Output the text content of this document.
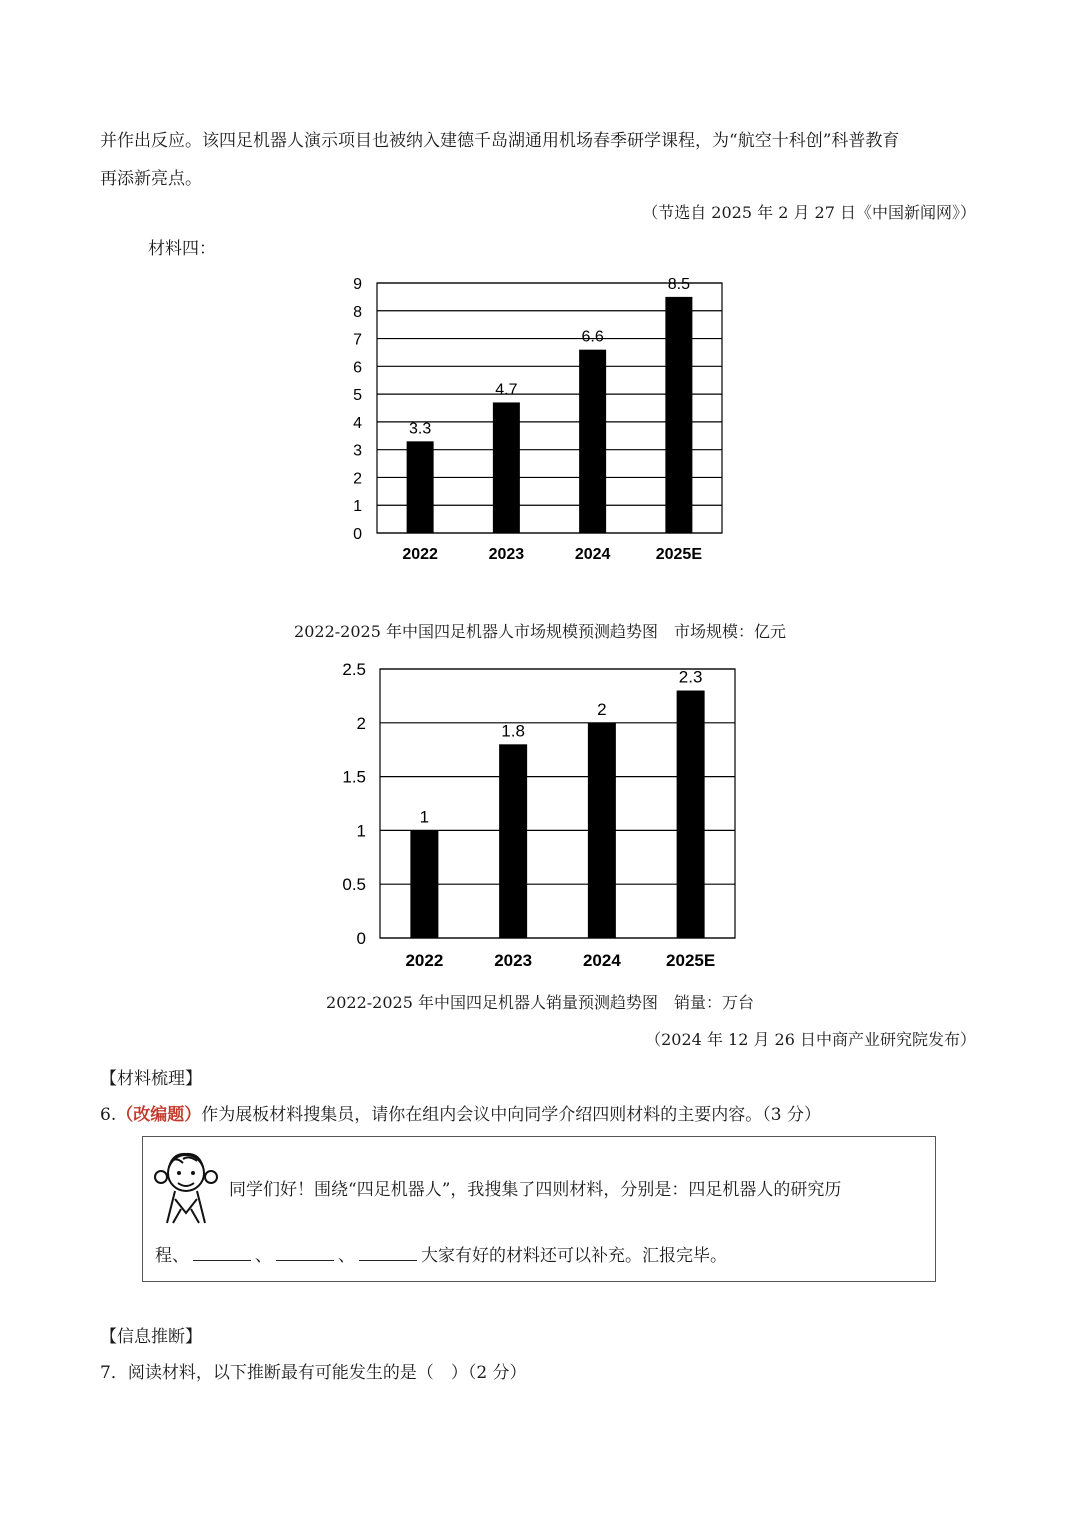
并作出反应。该四足机器人演示项目也被纳入建德千岛湖通用机场春季研学课程，为“航空十科创”科普教育
再添新亮点。
（节选自 2025 年 2 月 27 日《中国新闻网》）
材料四：
0
1
2
3
4
5
6
7
8
9
3.3
2022
4.7
2023
6.6
2024
8.5
2025E
0
0.5
1
1.5
2
2.5
1
2022
1.8
2023
2
2024
2.3
2025E
2022-2025 年中国四足机器人市场规模预测趋势图　市场规模：亿元
2022-2025 年中国四足机器人销量预测趋势图　销量：万台
（2024 年 12 月 26 日中商产业研究院发布）
【材料梳理】
6.（改编题）作为展板材料搜集员，请你在组内会议中向同学介绍四则材料的主要内容。（3 分）
同学们好！围绕“四足机器人”，我搜集了四则材料，分别是：四足机器人的研究历
程、	、	、	大家有好的材料还可以补充。汇报完毕。
【信息推断】
7．阅读材料，以下推断最有可能发生的是（　）（2 分）
